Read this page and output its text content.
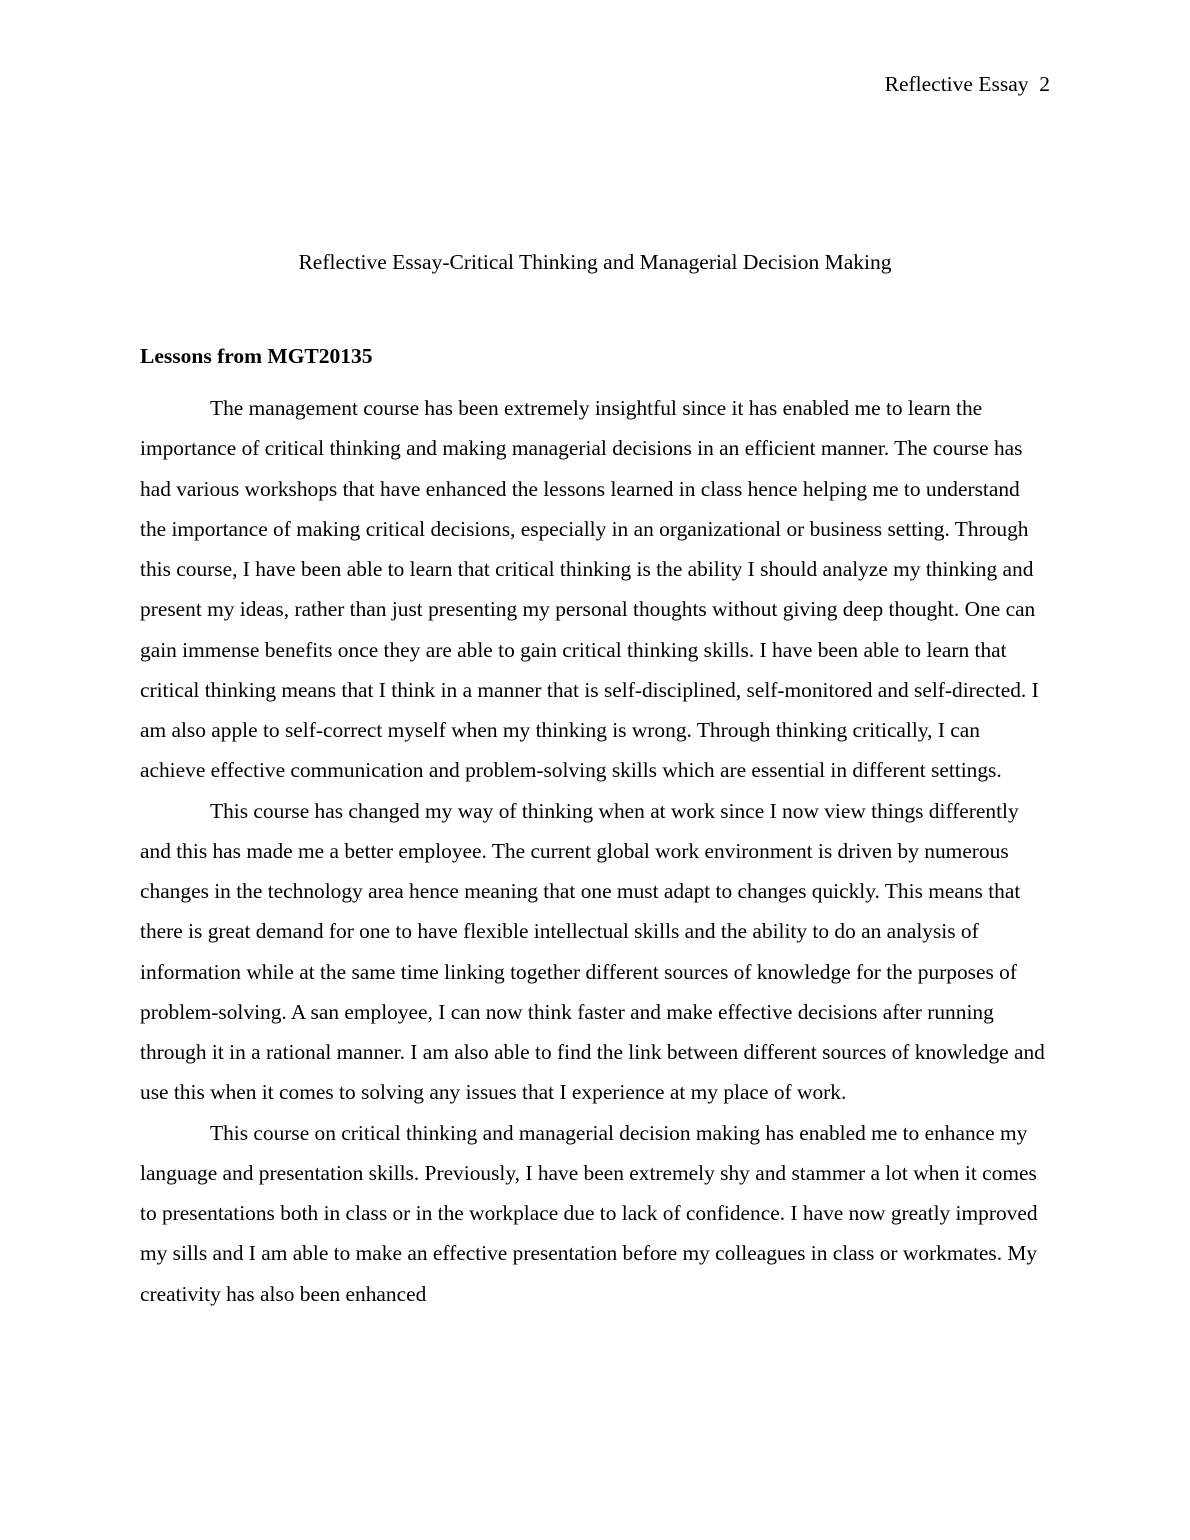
Reflective Essay 2
Reflective Essay-Critical Thinking and Managerial Decision Making
Lessons from MGT20135

The management course has been extremely insightful since it has enabled me to learn the importance of critical thinking and making managerial decisions in an efficient manner. The course has had various workshops that have enhanced the lessons learned in class hence helping me to understand the importance of making critical decisions, especially in an organizational or business setting. Through this course, I have been able to learn that critical thinking is the ability I should analyze my thinking and present my ideas, rather than just presenting my personal thoughts without giving deep thought. One can gain immense benefits once they are able to gain critical thinking skills. I have been able to learn that critical thinking means that I think in a manner that is self-disciplined, self-monitored and self-directed. I am also apple to self-correct myself when my thinking is wrong. Through thinking critically, I can achieve effective communication and problem-solving skills which are essential in different settings.

This course has changed my way of thinking when at work since I now view things differently and this has made me a better employee. The current global work environment is driven by numerous changes in the technology area hence meaning that one must adapt to changes quickly. This means that there is great demand for one to have flexible intellectual skills and the ability to do an analysis of information while at the same time linking together different sources of knowledge for the purposes of problem-solving. A san employee, I can now think faster and make effective decisions after running through it in a rational manner. I am also able to find the link between different sources of knowledge and use this when it comes to solving any issues that I experience at my place of work.

This course on critical thinking and managerial decision making has enabled me to enhance my language and presentation skills. Previously, I have been extremely shy and stammer a lot when it comes to presentations both in class or in the workplace due to lack of confidence. I have now greatly improved my sills and I am able to make an effective presentation before my colleagues in class or workmates. My creativity has also been enhanced
